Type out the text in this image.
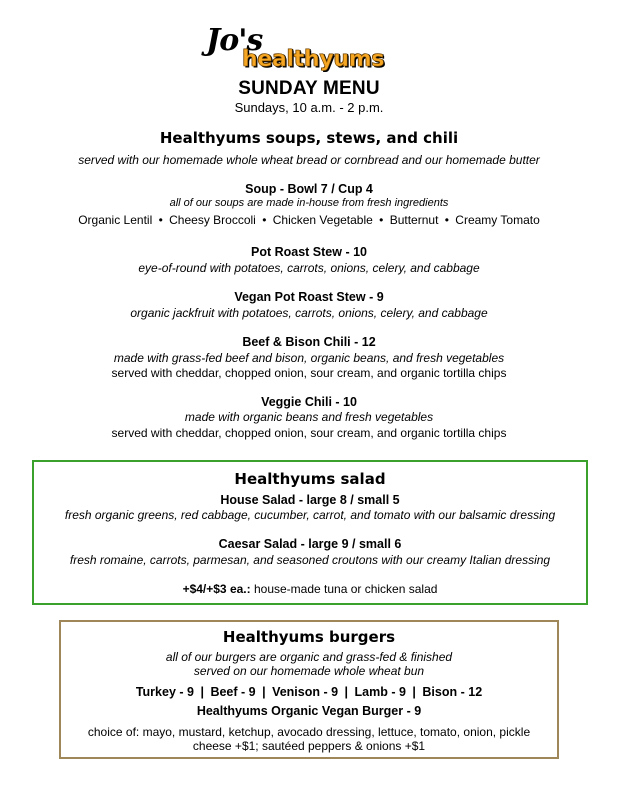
Jo's
healthyums
SUNDAY MENU
Sundays, 10 a.m. - 2 p.m.
Healthyums soups, stews, and chili
served with our homemade whole wheat bread or cornbread and our homemade butter
Soup - Bowl 7 / Cup 4
all of our soups are made in-house from fresh ingredients
Organic Lentil • Cheesy Broccoli • Chicken Vegetable • Butternut • Creamy Tomato
Pot Roast Stew - 10
eye-of-round with potatoes, carrots, onions, celery, and cabbage
Vegan Pot Roast Stew - 9
organic jackfruit with potatoes, carrots, onions, celery, and cabbage
Beef & Bison Chili - 12
made with grass-fed beef and bison, organic beans, and fresh vegetables
served with cheddar, chopped onion, sour cream, and organic tortilla chips
Veggie Chili - 10
made with organic beans and fresh vegetables
served with cheddar, chopped onion, sour cream, and organic tortilla chips
Healthyums salad
House Salad - large 8 / small 5
fresh organic greens, red cabbage, cucumber, carrot, and tomato with our balsamic dressing
Caesar Salad - large 9 / small 6
fresh romaine, carrots, parmesan, and seasoned croutons with our creamy Italian dressing
+$4/+$3 ea.: house-made tuna or chicken salad
Healthyums burgers
all of our burgers are organic and grass-fed & finished
served on our homemade whole wheat bun
Turkey - 9 | Beef - 9 | Venison - 9 | Lamb - 9 | Bison - 12
Healthyums Organic Vegan Burger - 9
choice of: mayo, mustard, ketchup, avocado dressing, lettuce, tomato, onion, pickle
cheese +$1; sautéed peppers & onions +$1
